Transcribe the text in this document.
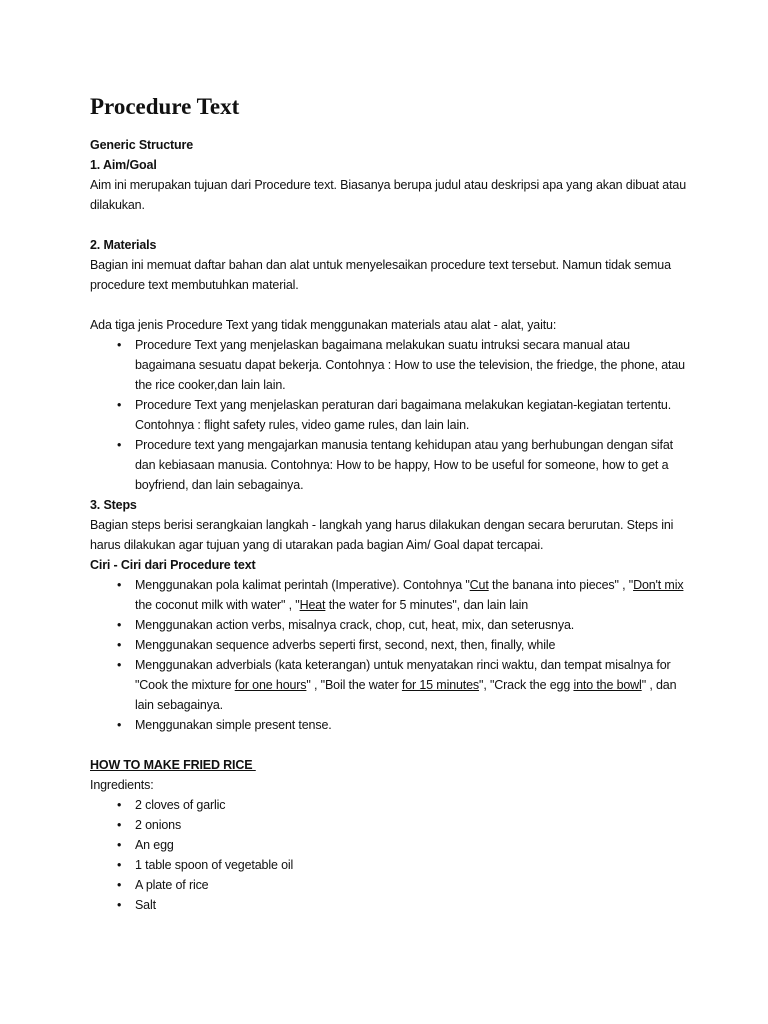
Procedure Text

Generic Structure

1. Aim/Goal

Aim ini merupakan tujuan dari Procedure text. Biasanya berupa judul atau deskripsi apa yang akan dibuat atau dilakukan.

2. Materials

Bagian ini memuat daftar bahan dan alat untuk menyelesaikan procedure text tersebut. Namun tidak semua procedure text membutuhkan material.

Ada tiga jenis Procedure Text yang tidak menggunakan materials atau alat - alat, yaitu:

• Procedure Text yang menjelaskan bagaimana melakukan suatu intruksi secara manual atau bagaimana sesuatu dapat bekerja. Contohnya : How to use the television, the friedge, the phone, atau the rice cooker,dan lain lain.
• Procedure Text yang menjelaskan peraturan dari bagaimana melakukan kegiatan-kegiatan tertentu. Contohnya : flight safety rules, video game rules, dan lain lain.
• Procedure text yang mengajarkan manusia tentang kehidupan atau yang berhubungan dengan sifat dan kebiasaan manusia. Contohnya: How to be happy, How to be useful for someone, how to get a boyfriend, dan lain sebagainya.

3. Steps

Bagian steps berisi serangkaian langkah - langkah yang harus dilakukan dengan secara berurutan. Steps ini harus dilakukan agar tujuan yang di utarakan pada bagian Aim/ Goal dapat tercapai.

Ciri - Ciri dari Procedure text

• Menggunakan pola kalimat perintah (Imperative). Contohnya "Cut the banana into pieces" , "Don't mix the coconut milk with water" , "Heat the water for 5 minutes", dan lain lain
• Menggunakan action verbs, misalnya crack, chop, cut, heat, mix, dan seterusnya.
• Menggunakan sequence adverbs seperti first, second, next, then, finally, while
• Menggunakan adverbials (kata keterangan) untuk menyatakan rinci waktu, dan tempat misalnya for "Cook the mixture for one hours" , "Boil the water for 15 minutes", "Crack the egg into the bowl" , dan lain sebagainya.
• Menggunakan simple present tense.

HOW TO MAKE FRIED RICE

Ingredients:

• 2 cloves of garlic
• 2 onions
• An egg
• 1 table spoon of vegetable oil
• A plate of rice
• Salt
